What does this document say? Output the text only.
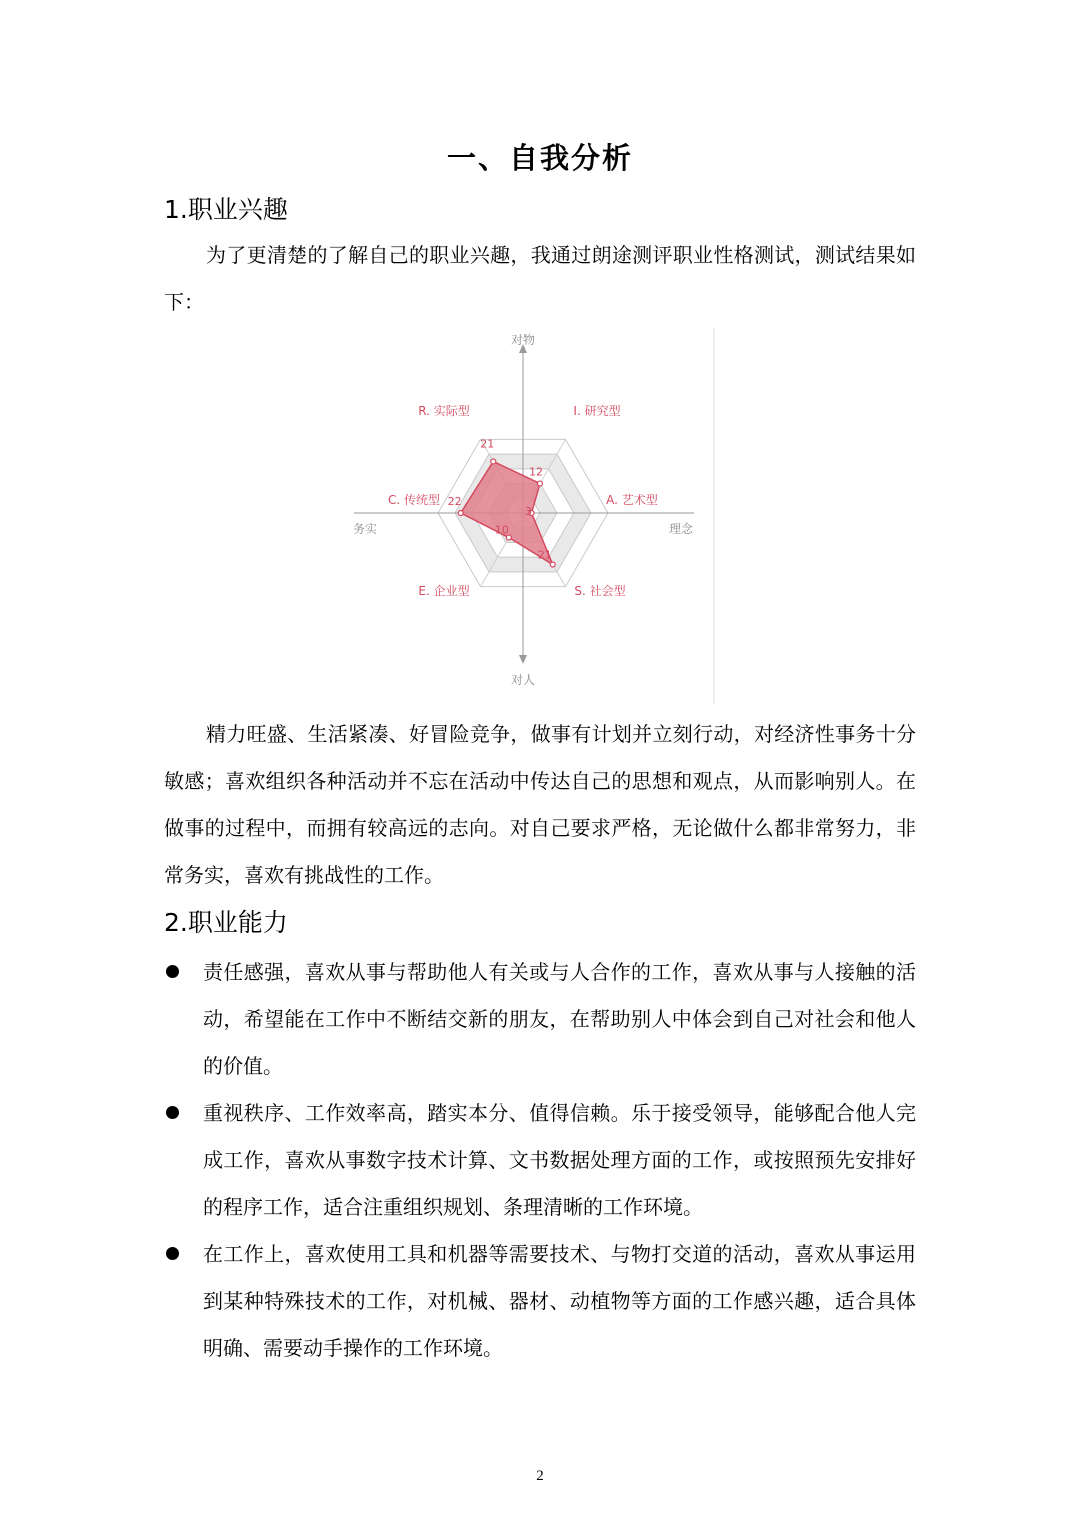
一、自我分析
1.职业兴趣

为了更清楚的了解自己的职业兴趣，我通过朗途测评职业性格测试，测试结果如下：

对物
对人
务实	理念
21
12
3
21
10
22
R. 实际型	I. 研究型
A. 艺术型
S. 社会型
E. 企业型
C. 传统型

精力旺盛、生活紧凑、好冒险竞争，做事有计划并立刻行动，对经济性事务十分敏感；喜欢组织各种活动并不忘在活动中传达自己的思想和观点，从而影响别人。在做事的过程中，而拥有较高远的志向。对自己要求严格，无论做什么都非常努力，非常务实，喜欢有挑战性的工作。

2.职业能力
责任感强，喜欢从事与帮助他人有关或与人合作的工作，喜欢从事与人接触的活动，希望能在工作中不断结交新的朋友，在帮助别人中体会到自己对社会和他人的价值。
重视秩序、工作效率高，踏实本分、值得信赖。乐于接受领导，能够配合他人完成工作，喜欢从事数字技术计算、文书数据处理方面的工作，或按照预先安排好的程序工作，适合注重组织规划、条理清晰的工作环境。
在工作上，喜欢使用工具和机器等需要技术、与物打交道的活动，喜欢从事运用到某种特殊技术的工作，对机械、器材、动植物等方面的工作感兴趣，适合具体明确、需要动手操作的工作环境。
2
